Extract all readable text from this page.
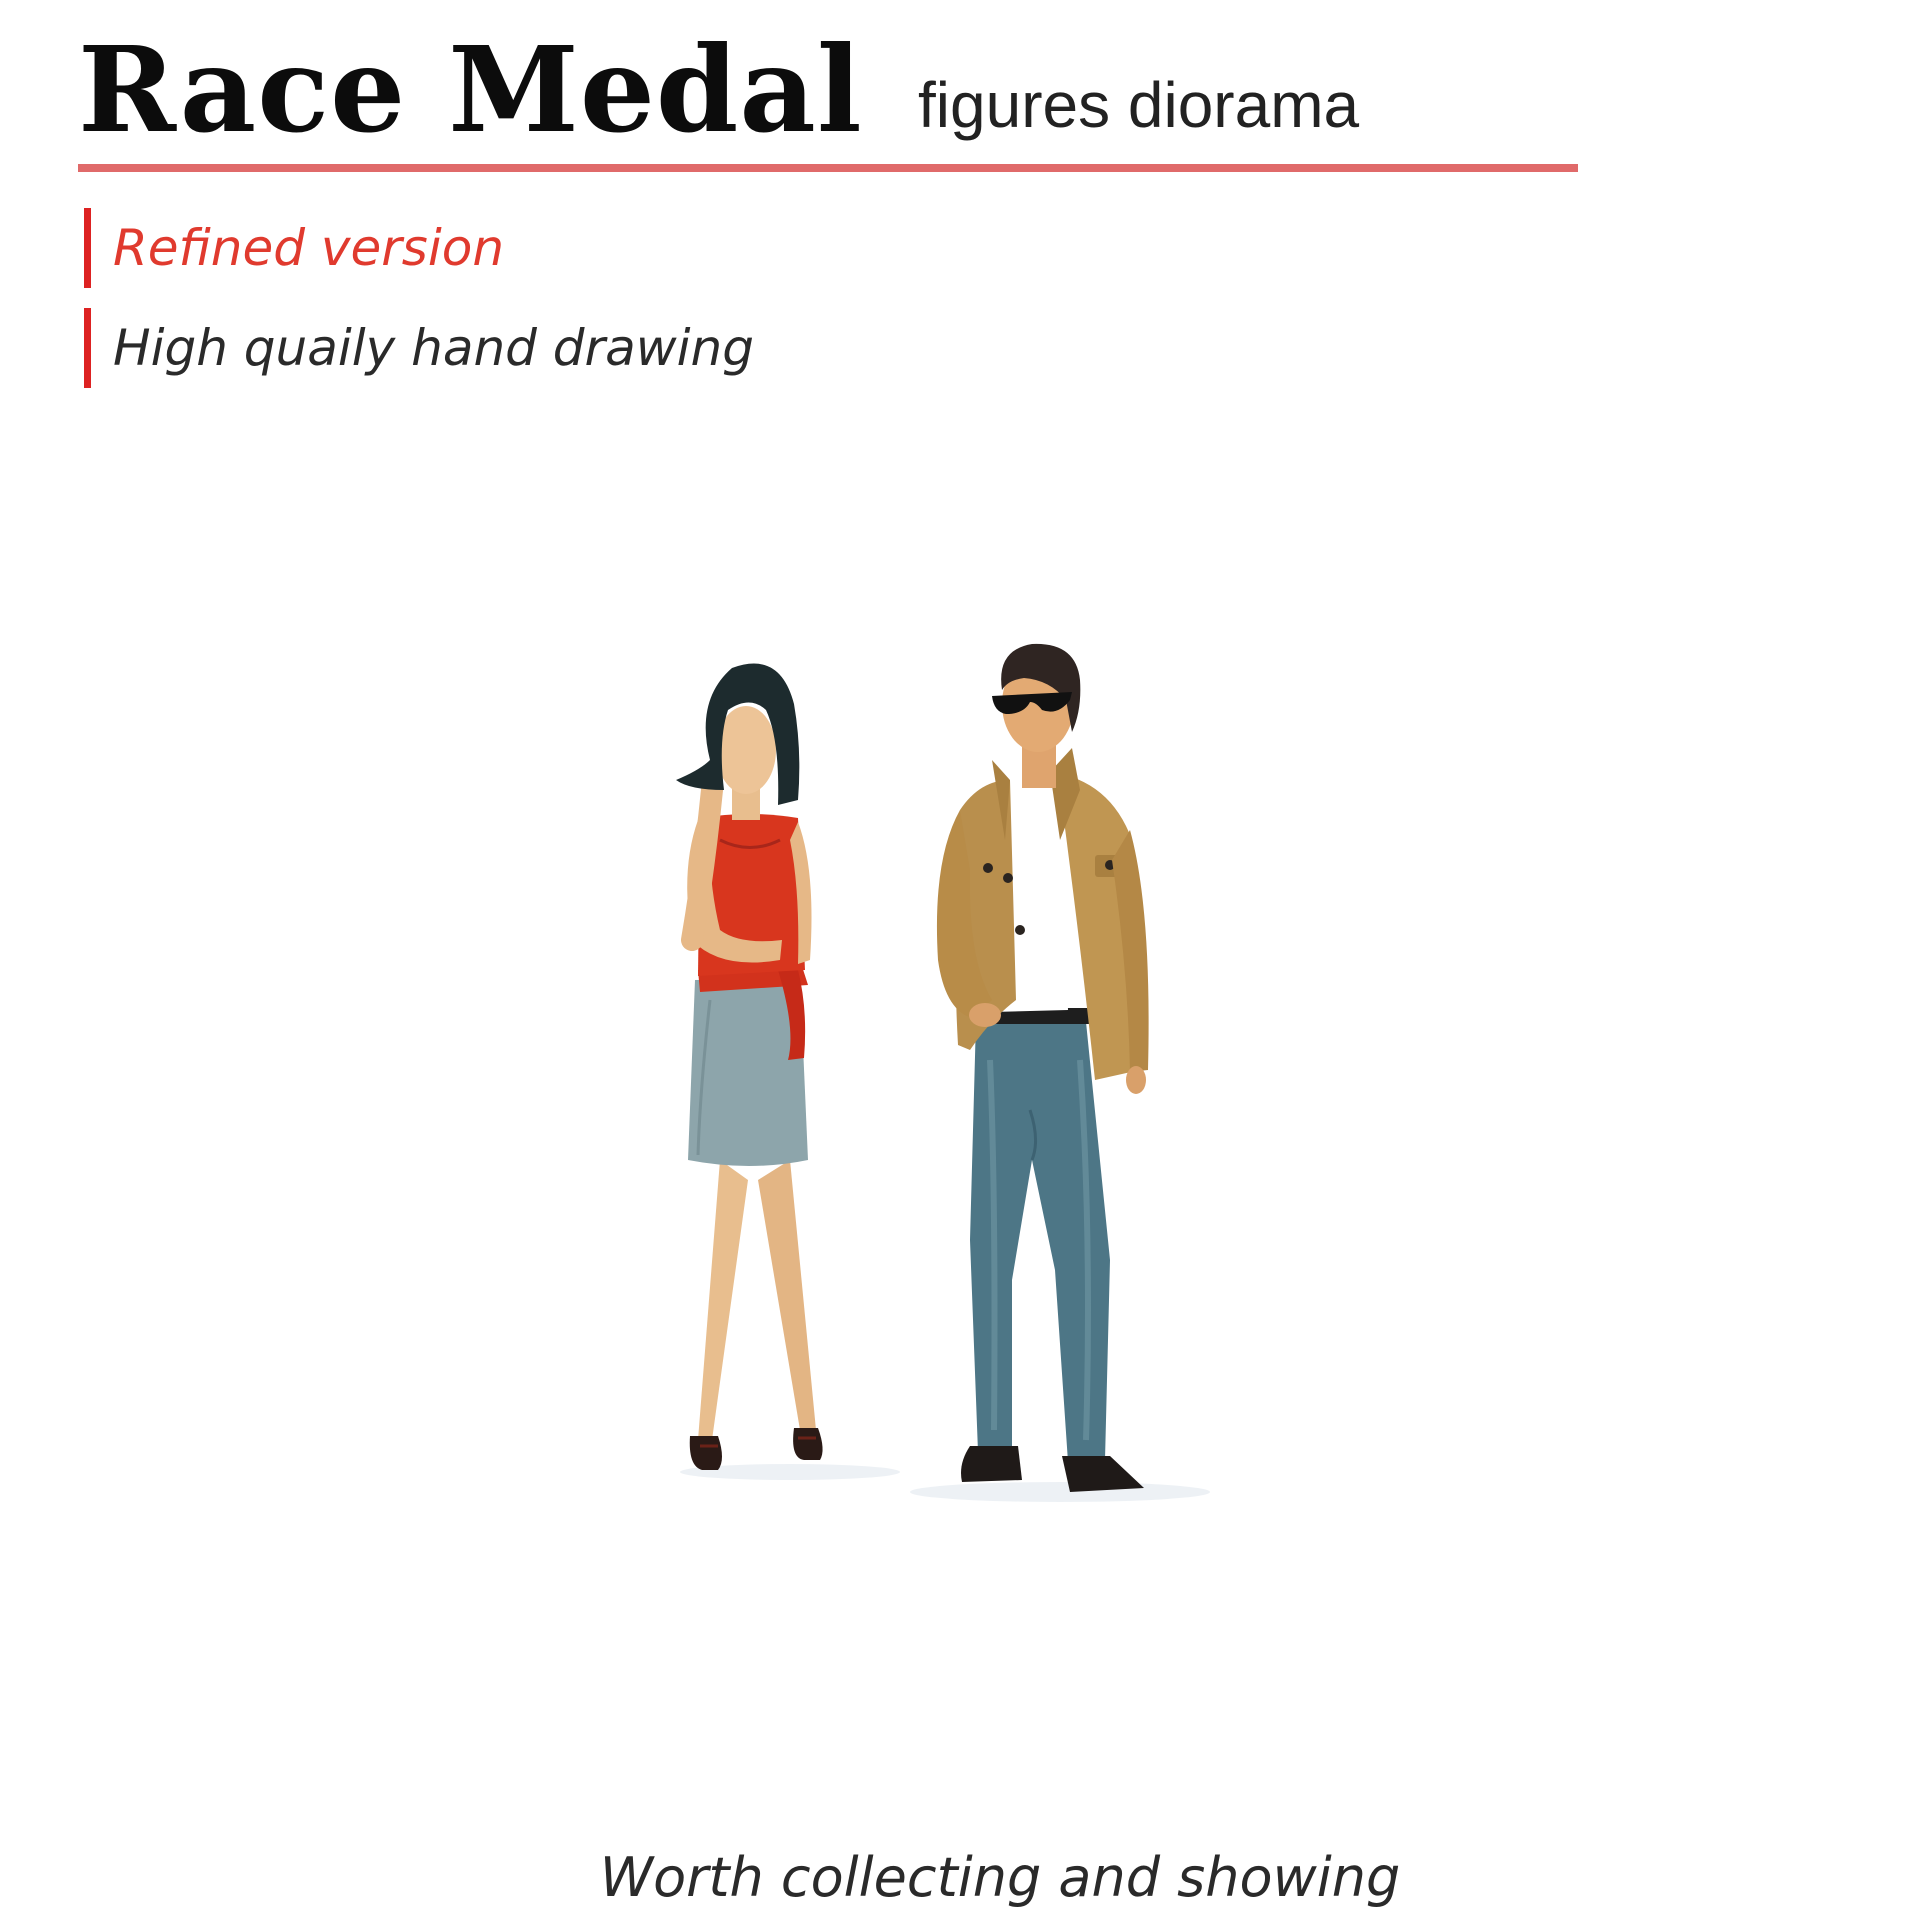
Race Medal figures diorama
Refined version
High quaily hand drawing
Worth collecting and showing
